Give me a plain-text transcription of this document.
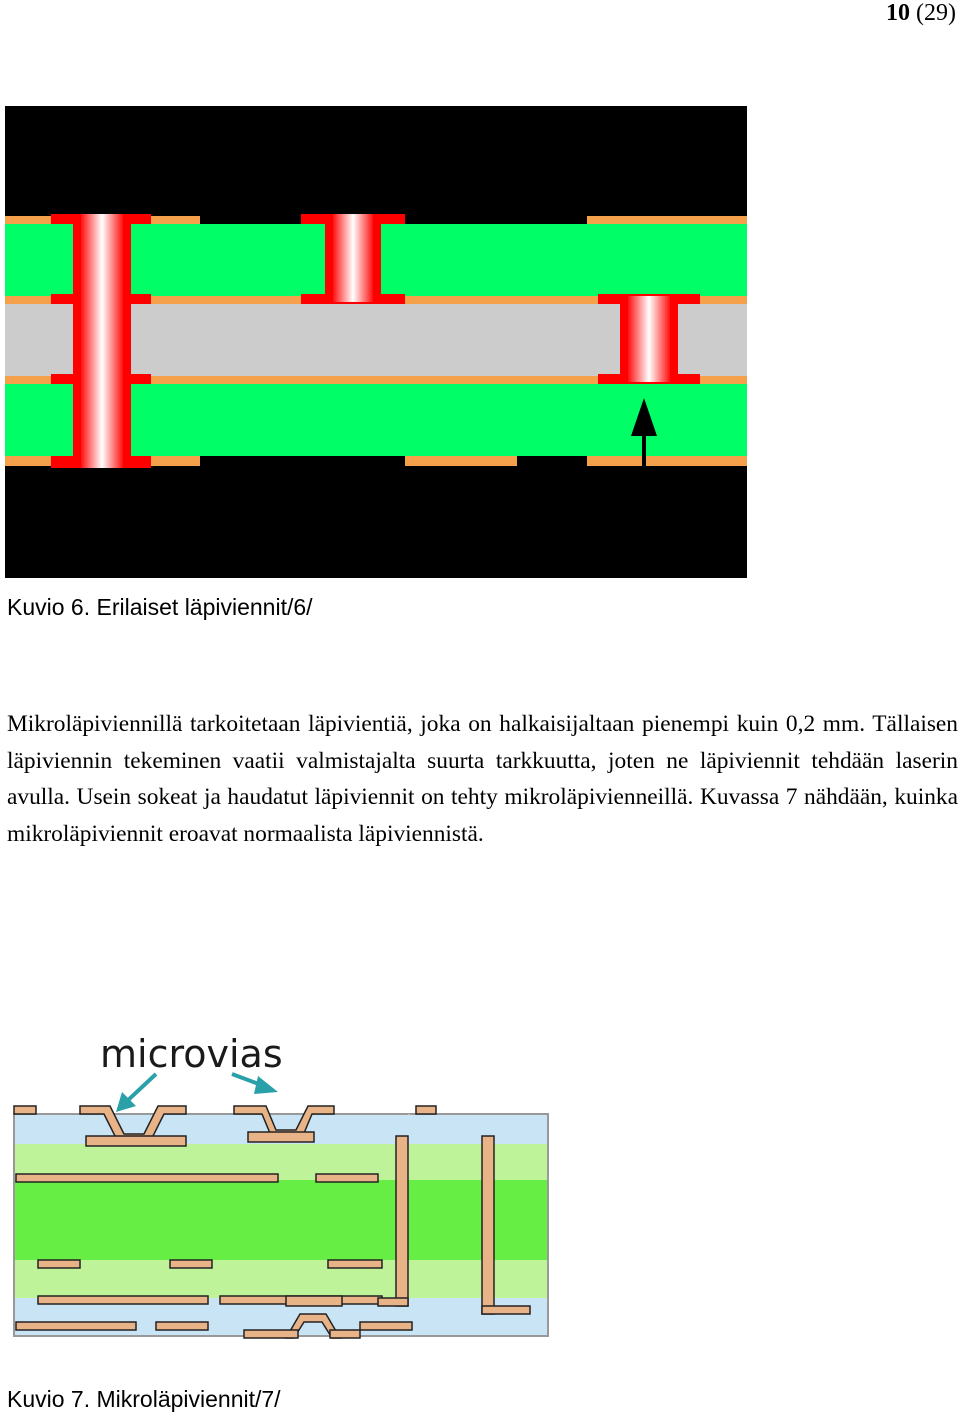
10 (29)
Kuvio 6. Erilaiset läpiviennit/6/
Mikroläpiviennillä tarkoitetaan läpivientiä, joka on halkaisijaltaan pienempi kuin 0,2 mm. Tällaisen läpiviennin tekeminen vaatii valmistajalta suurta tarkkuutta, joten ne läpiviennit tehdään laserin avulla. Usein sokeat ja haudatut läpiviennit on tehty mikroläpivienneillä. Kuvassa 7 nähdään, kuinka mikroläpiviennit eroavat normaalista läpiviennistä.
microvias
Kuvio 7. Mikroläpiviennit/7/
